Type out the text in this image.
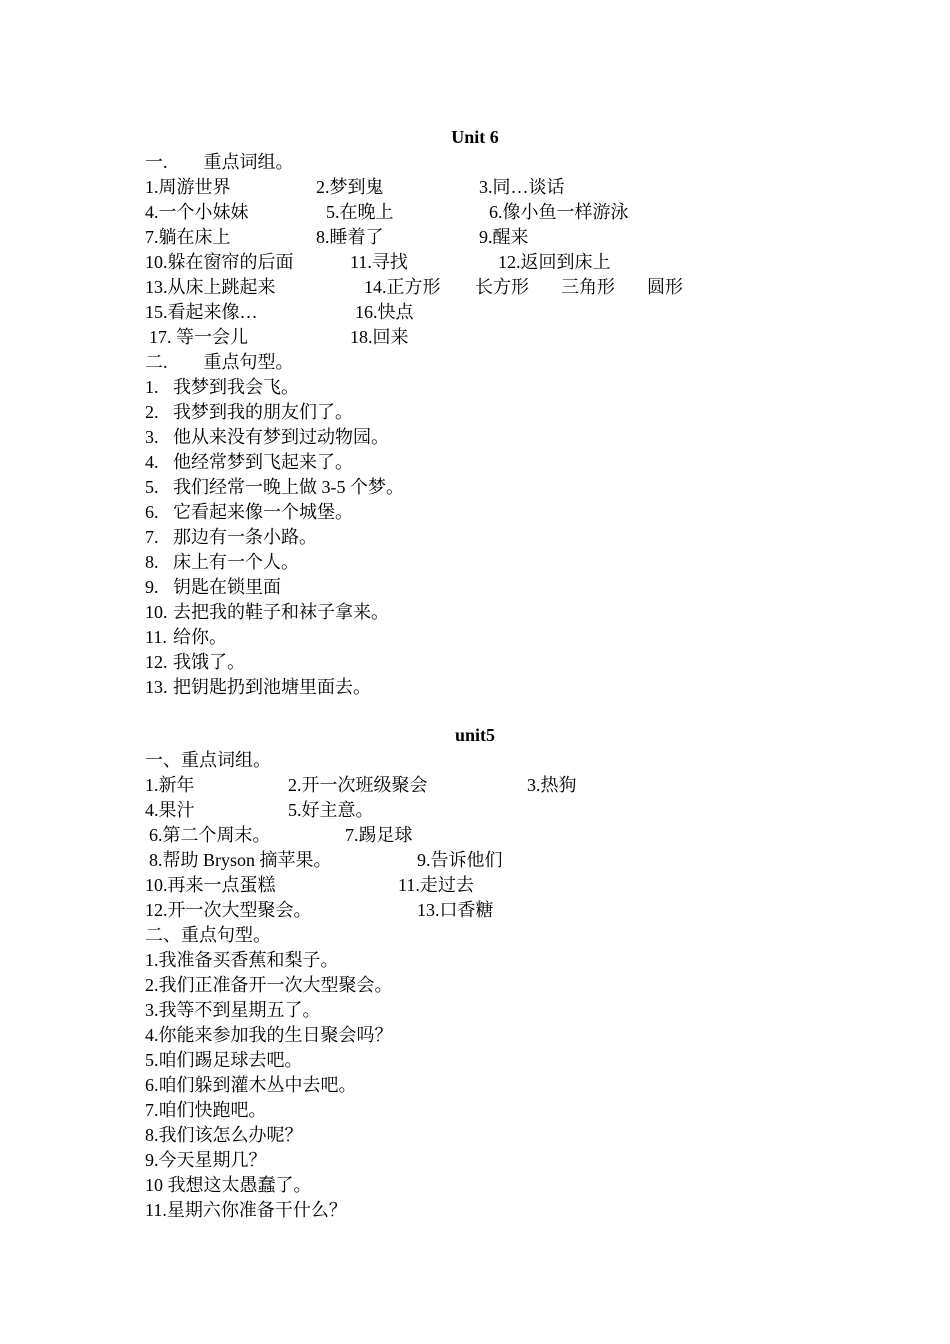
Unit 6
一.        重点词组。
1.周游世界	2.梦到鬼	3.同…谈话
4.一个小妹妹	5.在晚上	6.像小鱼一样游泳
7.躺在床上	8.睡着了	9.醒来
10.躲在窗帘的后面	11.寻找	12.返回到床上
13.从床上跳起来	14.正方形 长方形 三角形 圆形
15.看起来像…	16.快点
17. 等一会儿	18.回来
二.        重点句型。
1. 我梦到我会飞。
2. 我梦到我的朋友们了。
3. 他从来没有梦到过动物园。
4. 他经常梦到飞起来了。
5. 我们经常一晚上做 3-5 个梦。
6. 它看起来像一个城堡。
7. 那边有一条小路。
8. 床上有一个人。
9. 钥匙在锁里面
10. 去把我的鞋子和袜子拿来。
11. 给你。
12. 我饿了。
13. 把钥匙扔到池塘里面去。
unit5
一、重点词组。
1.新年	2.开一次班级聚会	3.热狗
4.果汁	5.好主意。
6.第二个周末。	7.踢足球
8.帮助 Bryson 摘苹果。	9.告诉他们
10.再来一点蛋糕	11.走过去
12.开一次大型聚会。	13.口香糖
二、重点句型。
1.我准备买香蕉和梨子。
2.我们正准备开一次大型聚会。
3.我等不到星期五了。
4.你能来参加我的生日聚会吗？
5.咱们踢足球去吧。
6.咱们躲到灌木丛中去吧。
7.咱们快跑吧。
8.我们该怎么办呢？
9.今天星期几？
10 我想这太愚蠢了。
11.星期六你准备干什么？
